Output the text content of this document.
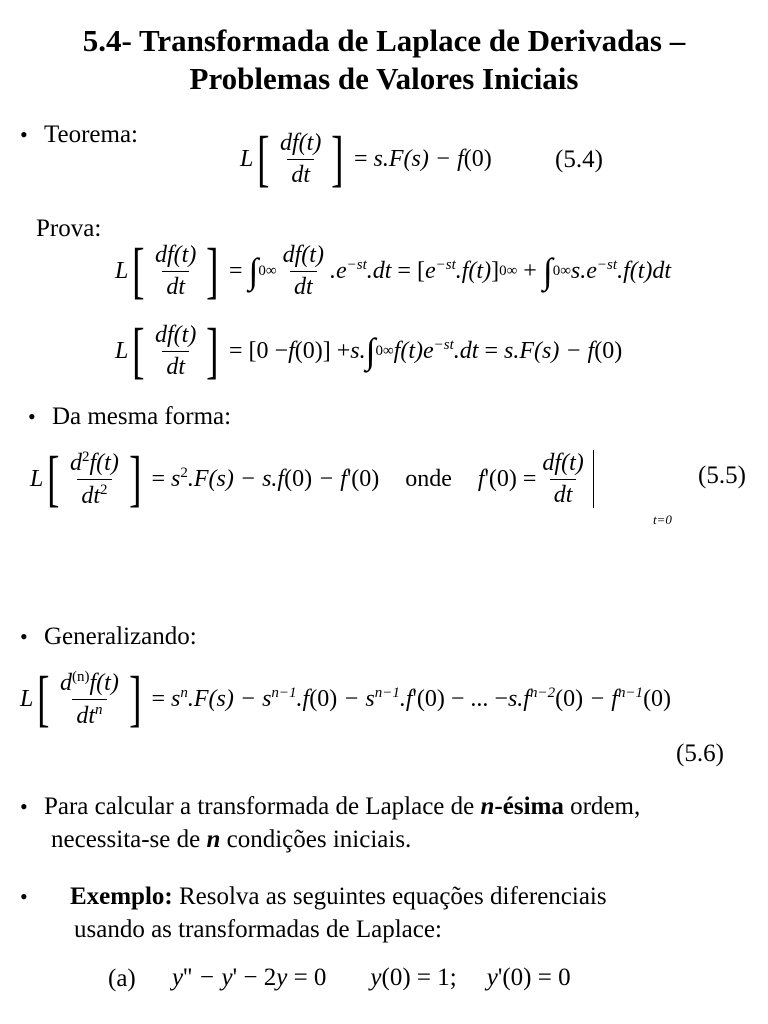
5.4- Transformada de Laplace de Derivadas –
Problemas de Valores Iniciais
• Teorema:
L [ $\frac{df(t)}{dt}$ ] = s.F(s) − f (0)	(5.4)
Prova:
L [ $\frac{df(t)}{dt}$ ] = ∫ 0 ∞ $\frac{df(t)}{dt} .e^{-st}.dt$ = [ $e^{-st}.f(t)$ ] 0 ∞ + ∫ 0 ∞ $s.e^{-st}.f(t)dt$
L [ $\frac{df(t)}{dt}$ ] = [0 − f (0)] + s. ∫ 0 ∞ $f(t)e^{-st}.dt = s.F(s) - f$ (0)
• Da mesma forma:
L [ $\frac{d^2f(t)}{dt^2}$ ] = $s^2.F(s) - s.f$ (0) − f '(0) onde f '$(0) = \frac{df(t)}{dt}$
t=0
(5.5)
• Generalizando:
L [ $\frac{d^{(n)}f(t)}{dt^n}$ ] = $s^n.F(s) - s^{n-1}.f$ $(0) - s^{n-1}.f$ '(0) − ... − $s.f^{n-2}$ $(0) - f^{n-1}$ (0)
(5.6)
• Para calcular a transformada de Laplace de n-ésima ordem,
necessita-se de n condições iniciais.
• Exemplo: Resolva as seguintes equações diferenciais
usando as transformadas de Laplace:
(a) y '' − y ' − 2 y = 0 y (0) = 1; y '(0) = 0
